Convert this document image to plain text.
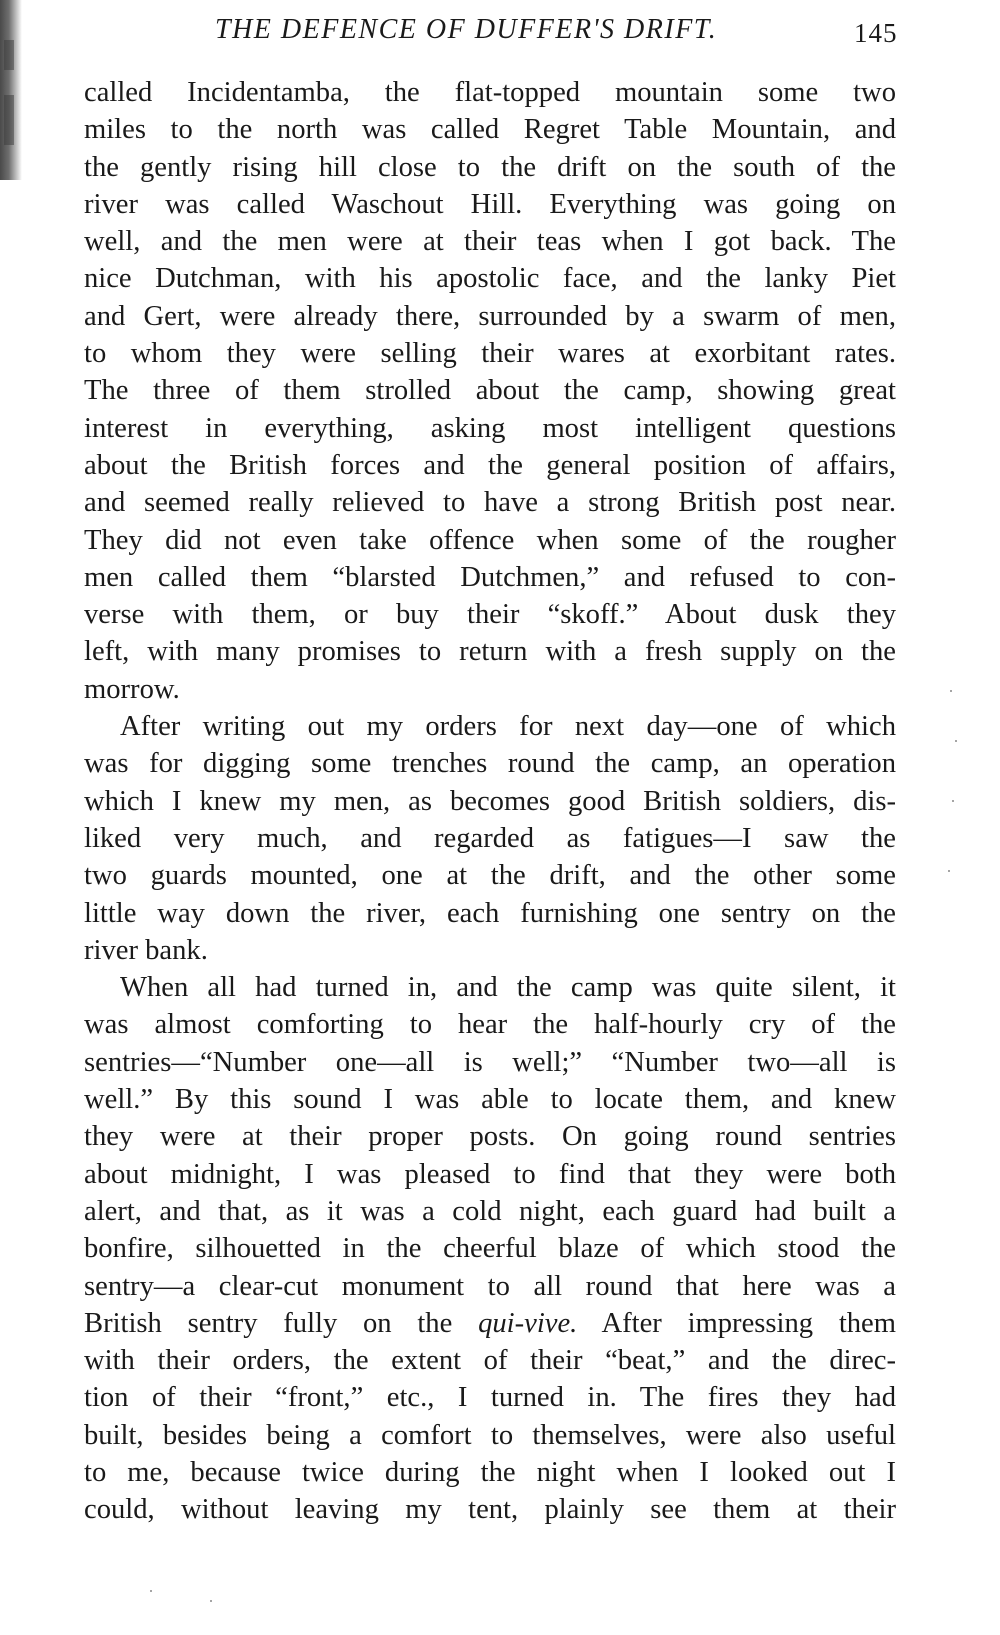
THE DEFENCE OF DUFFER'S DRIFT.	145
called Incidentamba, the flat-topped mountain some two
miles to the north was called Regret Table Mountain, and
the gently rising hill close to the drift on the south of the
river was called Waschout Hill. Everything was going on
well, and the men were at their teas when I got back. The
nice Dutchman, with his apostolic face, and the lanky Piet
and Gert, were already there, surrounded by a swarm of men,
to whom they were selling their wares at exorbitant rates.
The three of them strolled about the camp, showing great
interest in everything, asking most intelligent questions
about the British forces and the general position of affairs,
and seemed really relieved to have a strong British post near.
They did not even take offence when some of the rougher
men called them “blarsted Dutchmen,” and refused to con-
verse with them, or buy their “skoff.” About dusk they
left, with many promises to return with a fresh supply on the
morrow.
After writing out my orders for next day—one of which
was for digging some trenches round the camp, an operation
which I knew my men, as becomes good British soldiers, dis-
liked very much, and regarded as fatigues—I saw the
two guards mounted, one at the drift, and the other some
little way down the river, each furnishing one sentry on the
river bank.
When all had turned in, and the camp was quite silent, it
was almost comforting to hear the half-hourly cry of the
sentries—“Number one—all is well;” “Number two—all is
well.” By this sound I was able to locate them, and knew
they were at their proper posts. On going round sentries
about midnight, I was pleased to find that they were both
alert, and that, as it was a cold night, each guard had built a
bonfire, silhouetted in the cheerful blaze of which stood the
sentry—a clear-cut monument to all round that here was a
British sentry fully on the qui-vive. After impressing them
with their orders, the extent of their “beat,” and the direc-
tion of their “front,” etc., I turned in. The fires they had
built, besides being a comfort to themselves, were also useful
to me, because twice during the night when I looked out I
could, without leaving my tent, plainly see them at their
